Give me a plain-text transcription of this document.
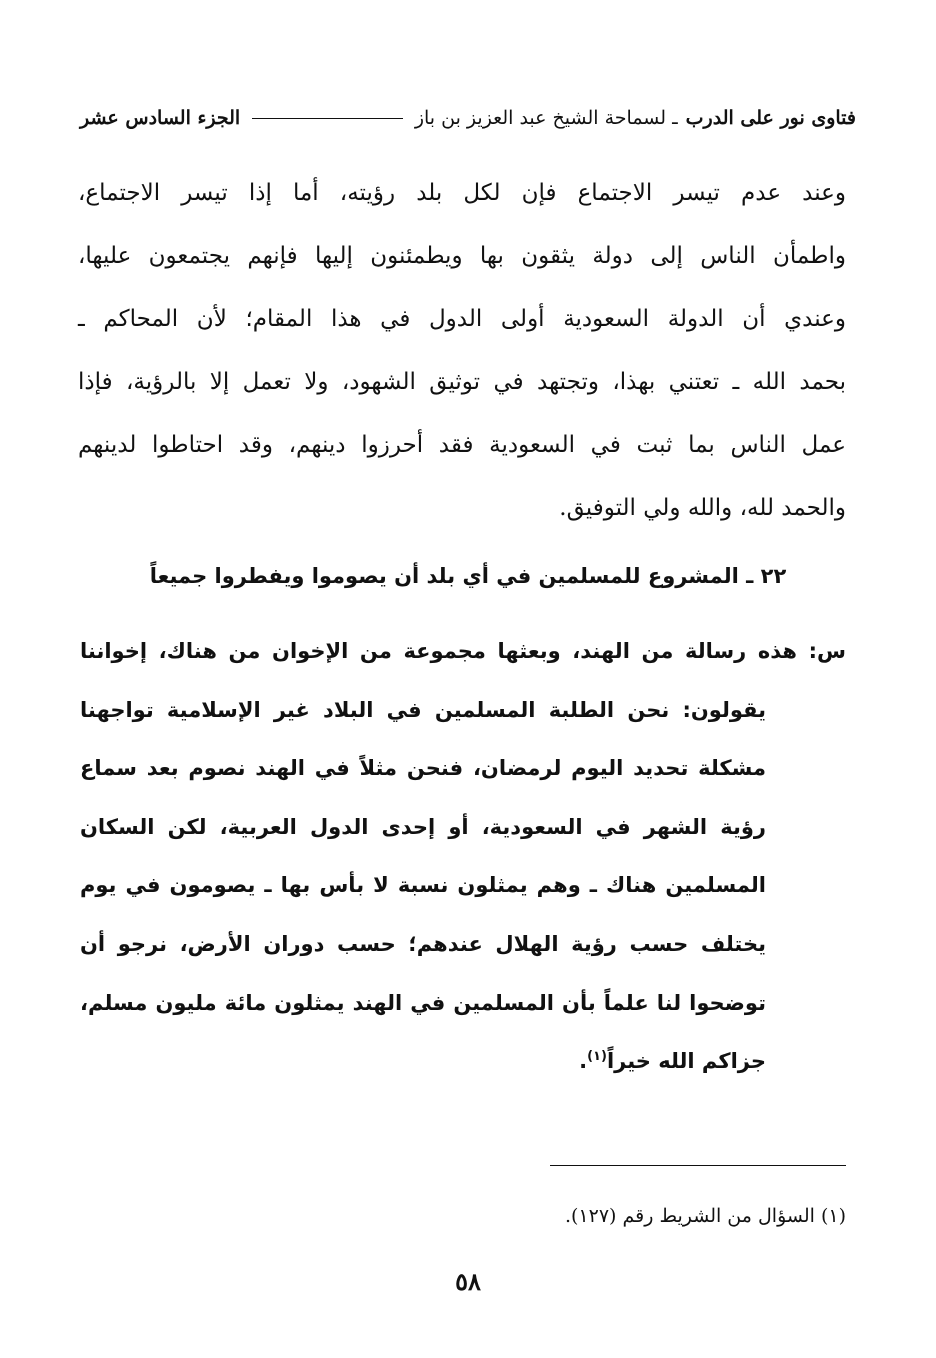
فتاوى نور على الدرب
ـ لسماحة الشيخ عبد العزيز بن باز
الجزء السادس عشر
وعند عدم تيسر الاجتماع فإن لكل بلد رؤيته، أما إذا تيسر الاجتماع،
واطمأن الناس إلى دولة يثقون بها ويطمئنون إليها فإنهم يجتمعون عليها،
وعندي أن الدولة السعودية أولى الدول في هذا المقام؛ لأن المحاكم ـ
بحمد الله ـ تعتني بهذا، وتجتهد في توثيق الشهود، ولا تعمل إلا بالرؤية، فإذا
عمل الناس بما ثبت في السعودية فقد أحرزوا دينهم، وقد احتاطوا لدينهم
والحمد لله، والله ولي التوفيق.
٢٢ ـ المشروع للمسلمين في أي بلد أن يصوموا ويفطروا جميعاً
س: هذه رسالة من الهند، وبعثها مجموعة من الإخوان من هناك، إخواننا
يقولون: نحن الطلبة المسلمين في البلاد غير الإسلامية تواجهنا
مشكلة تحديد اليوم لرمضان، فنحن مثلاً في الهند نصوم بعد سماع
رؤية الشهر في السعودية، أو إحدى الدول العربية، لكن السكان
المسلمين هناك ـ وهم يمثلون نسبة لا بأس بها ـ يصومون في يوم
يختلف حسب رؤية الهلال عندهم؛ حسب دوران الأرض، نرجو أن
توضحوا لنا علماً بأن المسلمين في الهند يمثلون مائة مليون مسلم،
جزاكم الله خيراً$^{(١)}$.
(١) السؤال من الشريط رقم (١٢٧).
٥٨
